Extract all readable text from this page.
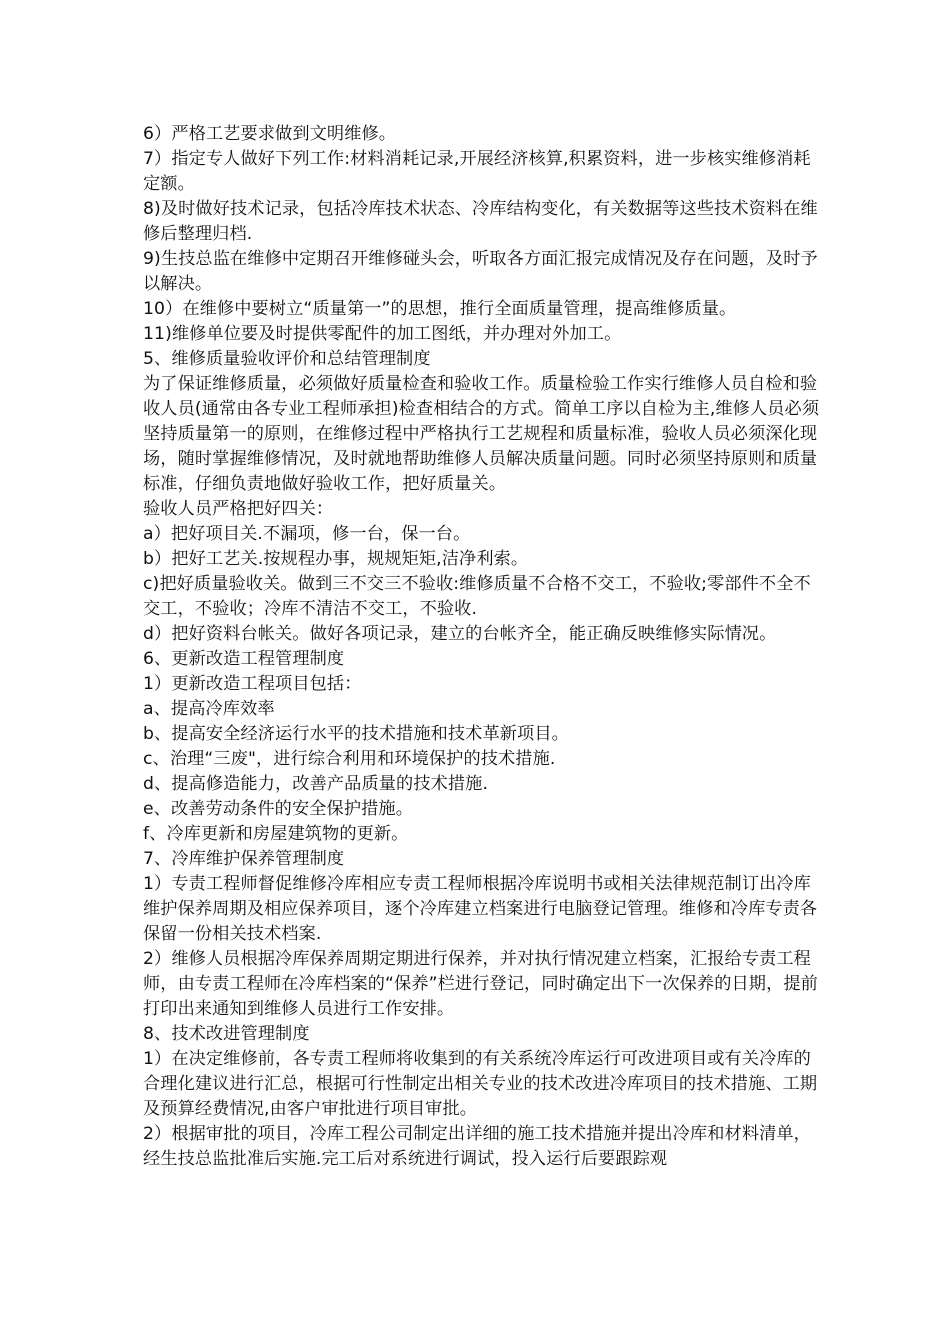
6）严格工艺要求做到文明维修。

7）指定专人做好下列工作:材料消耗记录,开展经济核算,积累资料，进一步核实维修消耗定额。

8)及时做好技术记录，包括冷库技术状态、冷库结构变化，有关数据等这些技术资料在维修后整理归档.

9)生技总监在维修中定期召开维修碰头会，听取各方面汇报完成情况及存在问题，及时予以解决。

10）在维修中要树立“质量第一”的思想，推行全面质量管理，提高维修质量。

11)维修单位要及时提供零配件的加工图纸，并办理对外加工。

5、维修质量验收评价和总结管理制度

为了保证维修质量，必须做好质量检查和验收工作。质量检验工作实行维修人员自检和验收人员(通常由各专业工程师承担)检查相结合的方式。简单工序以自检为主,维修人员必须坚持质量第一的原则，在维修过程中严格执行工艺规程和质量标准，验收人员必须深化现场，随时掌握维修情况，及时就地帮助维修人员解决质量问题。同时必须坚持原则和质量标准，仔细负责地做好验收工作，把好质量关。

验收人员严格把好四关：

a）把好项目关.不漏项，修一台，保一台。

b）把好工艺关.按规程办事，规规矩矩,洁净利索。

c)把好质量验收关。做到三不交三不验收:维修质量不合格不交工，不验收;零部件不全不交工，不验收；冷库不清洁不交工，不验收.

d）把好资料台帐关。做好各项记录，建立的台帐齐全，能正确反映维修实际情况。

6、更新改造工程管理制度

1）更新改造工程项目包括：

a、提高冷库效率

b、提高安全经济运行水平的技术措施和技术革新项目。

c、治理“三废"，进行综合利用和环境保护的技术措施.

d、提高修造能力，改善产品质量的技术措施.

e、改善劳动条件的安全保护措施。

f、冷库更新和房屋建筑物的更新。

7、冷库维护保养管理制度

1）专责工程师督促维修冷库相应专责工程师根据冷库说明书或相关法律规范制订出冷库维护保养周期及相应保养项目，逐个冷库建立档案进行电脑登记管理。维修和冷库专责各保留一份相关技术档案.

2）维修人员根据冷库保养周期定期进行保养，并对执行情况建立档案，汇报给专责工程师，由专责工程师在冷库档案的“保养”栏进行登记，同时确定出下一次保养的日期，提前打印出来通知到维修人员进行工作安排。

8、技术改进管理制度

1）在决定维修前，各专责工程师将收集到的有关系统冷库运行可改进项目或有关冷库的合理化建议进行汇总，根据可行性制定出相关专业的技术改进冷库项目的技术措施、工期及预算经费情况,由客户审批进行项目审批。

2）根据审批的项目，冷库工程公司制定出详细的施工技术措施并提出冷库和材料清单，经生技总监批准后实施.完工后对系统进行调试，投入运行后要跟踪观
